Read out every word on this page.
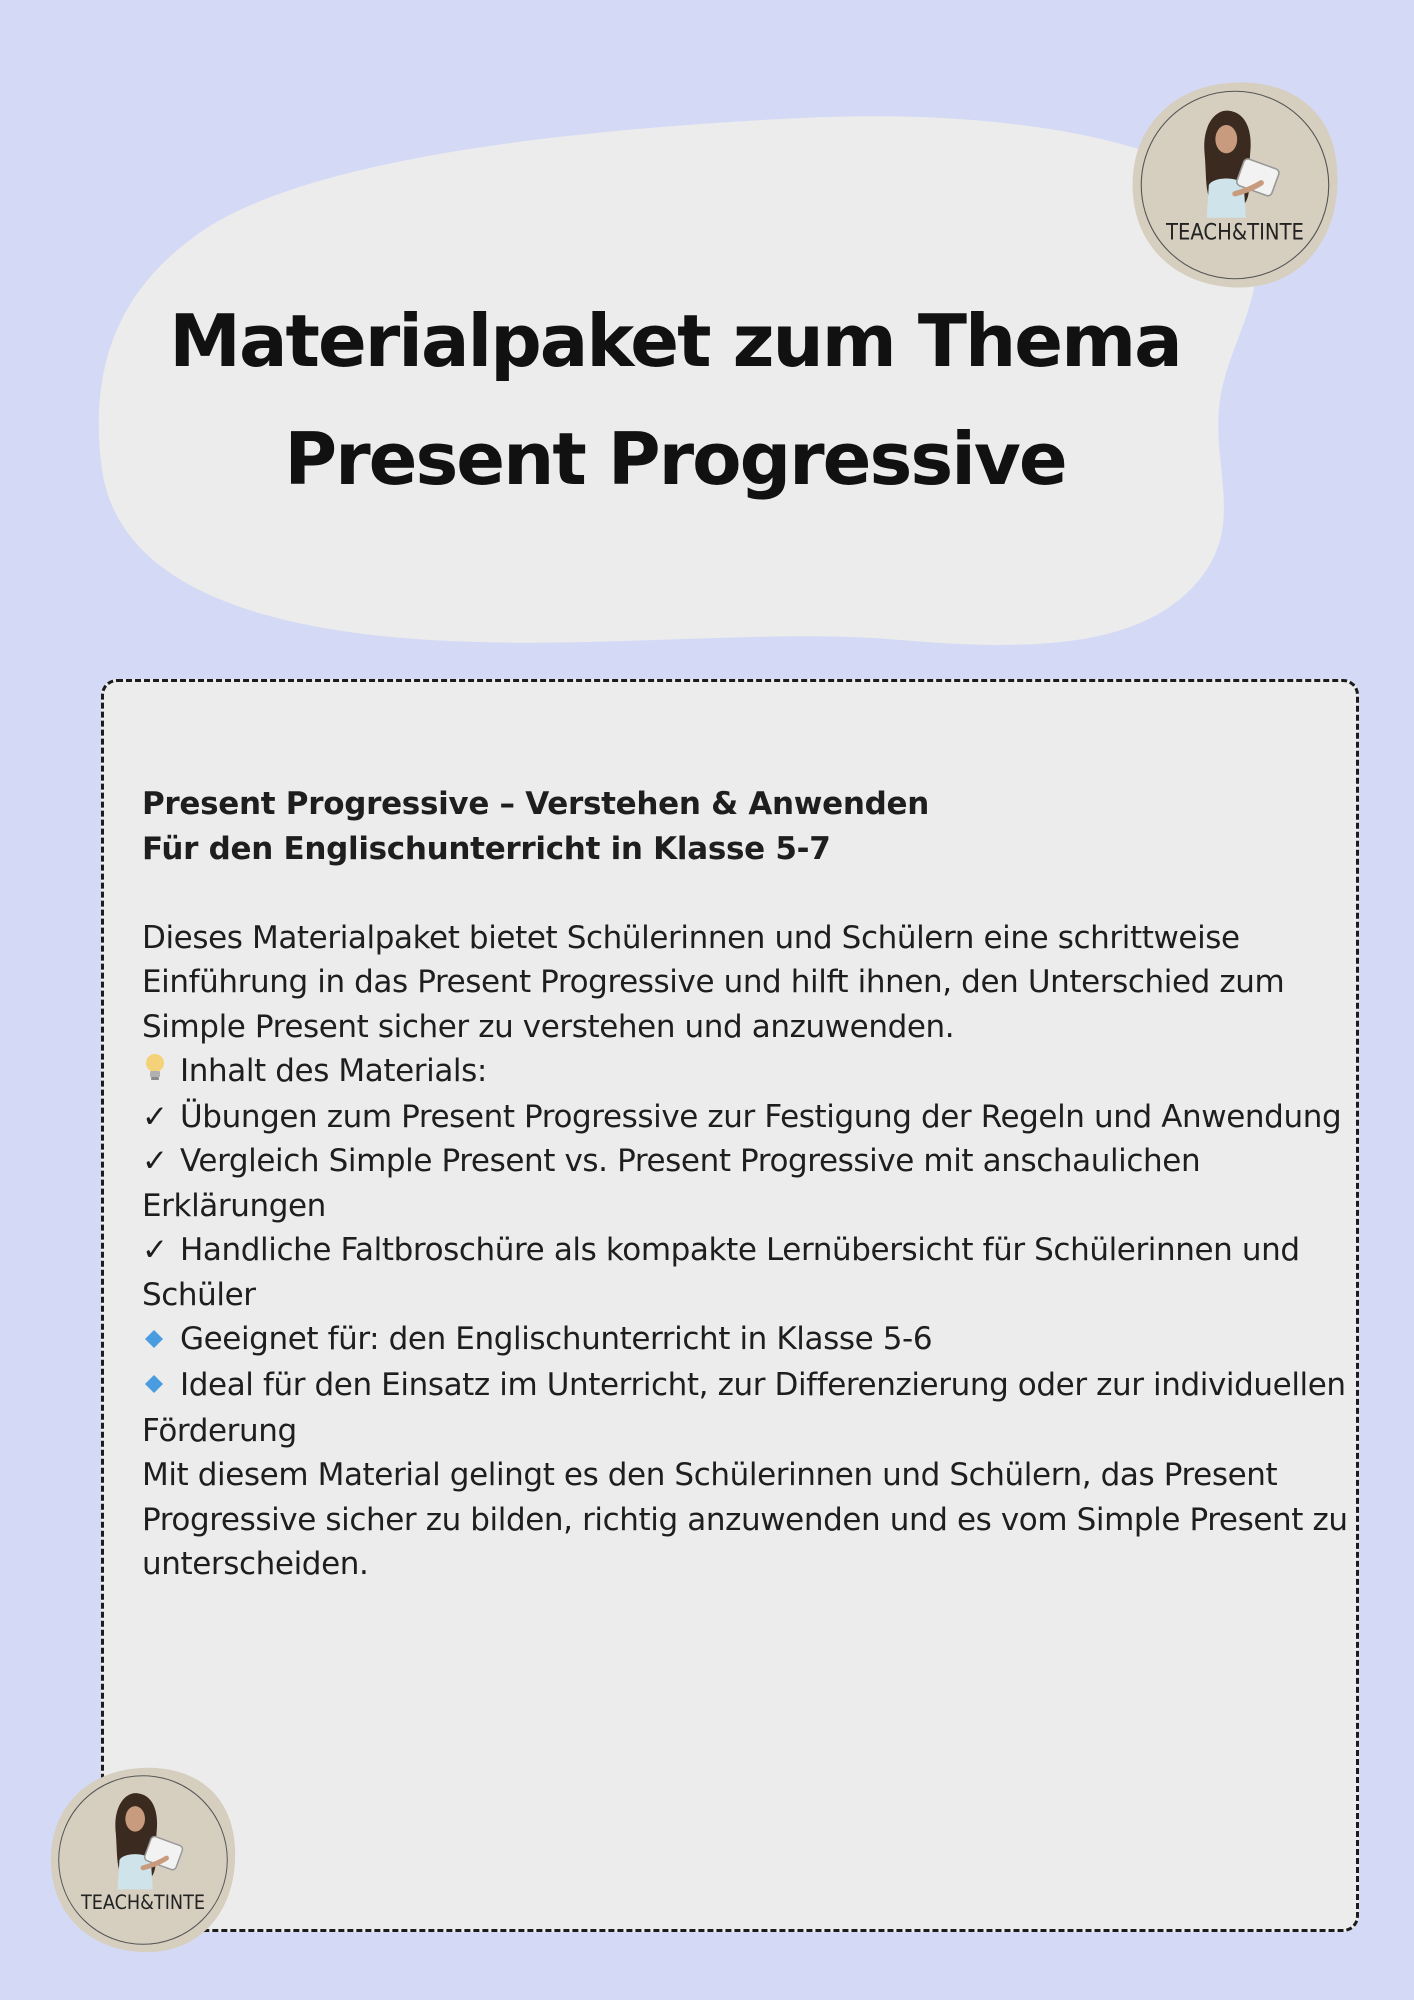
Materialpaket zum Thema
Present Progressive
TEACH&TINTE
Present Progressive – Verstehen & Anwenden
Für den Englischunterricht in Klasse 5-7
Dieses Materialpaket bietet Schülerinnen und Schülern eine schrittweise Einführung in das Present Progressive und hilft ihnen, den Unterschied zum Simple Present sicher zu verstehen und anzuwenden.
Inhalt des Materials:
✓ Übungen zum Present Progressive zur Festigung der Regeln und Anwendung
✓ Vergleich Simple Present vs. Present Progressive mit anschaulichen Erklärungen
✓ Handliche Faltbroschüre als kompakte Lernübersicht für Schülerinnen und Schüler
Geeignet für: den Englischunterricht in Klasse 5-6
Ideal für den Einsatz im Unterricht, zur Differenzierung oder zur individuellen Förderung
Mit diesem Material gelingt es den Schülerinnen und Schülern, das Present Progressive sicher zu bilden, richtig anzuwenden und es vom Simple Present zu unterscheiden.
TEACH&TINTE
